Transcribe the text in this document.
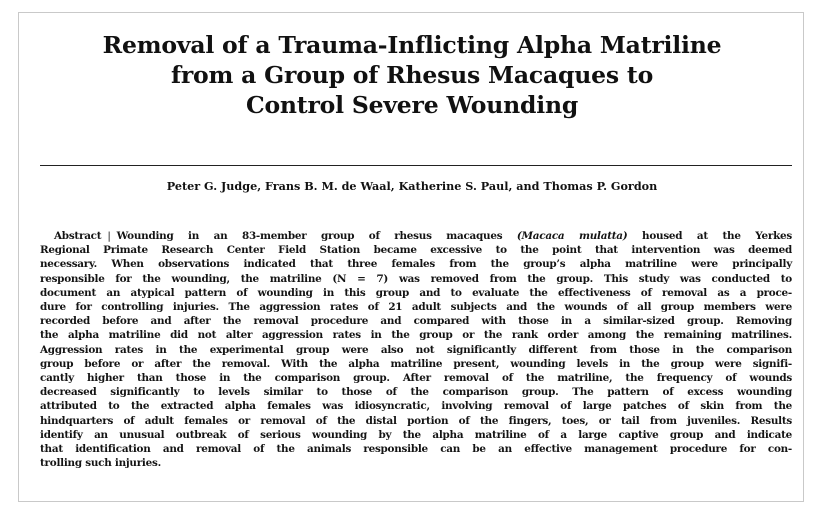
Removal of a Trauma-Inflicting Alpha Matriline
from a Group of Rhesus Macaques to
Control Severe Wounding
Peter G. Judge, Frans B. M. de Waal, Katherine S. Paul, and Thomas P. Gordon
Abstract | Wounding in an 83-member group of rhesus macaques (Macaca mulatta) housed at the Yerkes
Regional Primate Research Center Field Station became excessive to the point that intervention was deemed
necessary. When observations indicated that three females from the group’s alpha matriline were principally
responsible for the wounding, the matriline (N = 7) was removed from the group. This study was conducted to
document an atypical pattern of wounding in this group and to evaluate the effectiveness of removal as a proce-
dure for controlling injuries. The aggression rates of 21 adult subjects and the wounds of all group members were
recorded before and after the removal procedure and compared with those in a similar-sized group. Removing
the alpha matriline did not alter aggression rates in the group or the rank order among the remaining matrilines.
Aggression rates in the experimental group were also not significantly different from those in the comparison
group before or after the removal. With the alpha matriline present, wounding levels in the group were signifi-
cantly higher than those in the comparison group. After removal of the matriline, the frequency of wounds
decreased significantly to levels similar to those of the comparison group. The pattern of excess wounding
attributed to the extracted alpha females was idiosyncratic, involving removal of large patches of skin from the
hindquarters of adult females or removal of the distal portion of the fingers, toes, or tail from juveniles. Results
identify an unusual outbreak of serious wounding by the alpha matriline of a large captive group and indicate
that identification and removal of the animals responsible can be an effective management procedure for con-
trolling such injuries.
